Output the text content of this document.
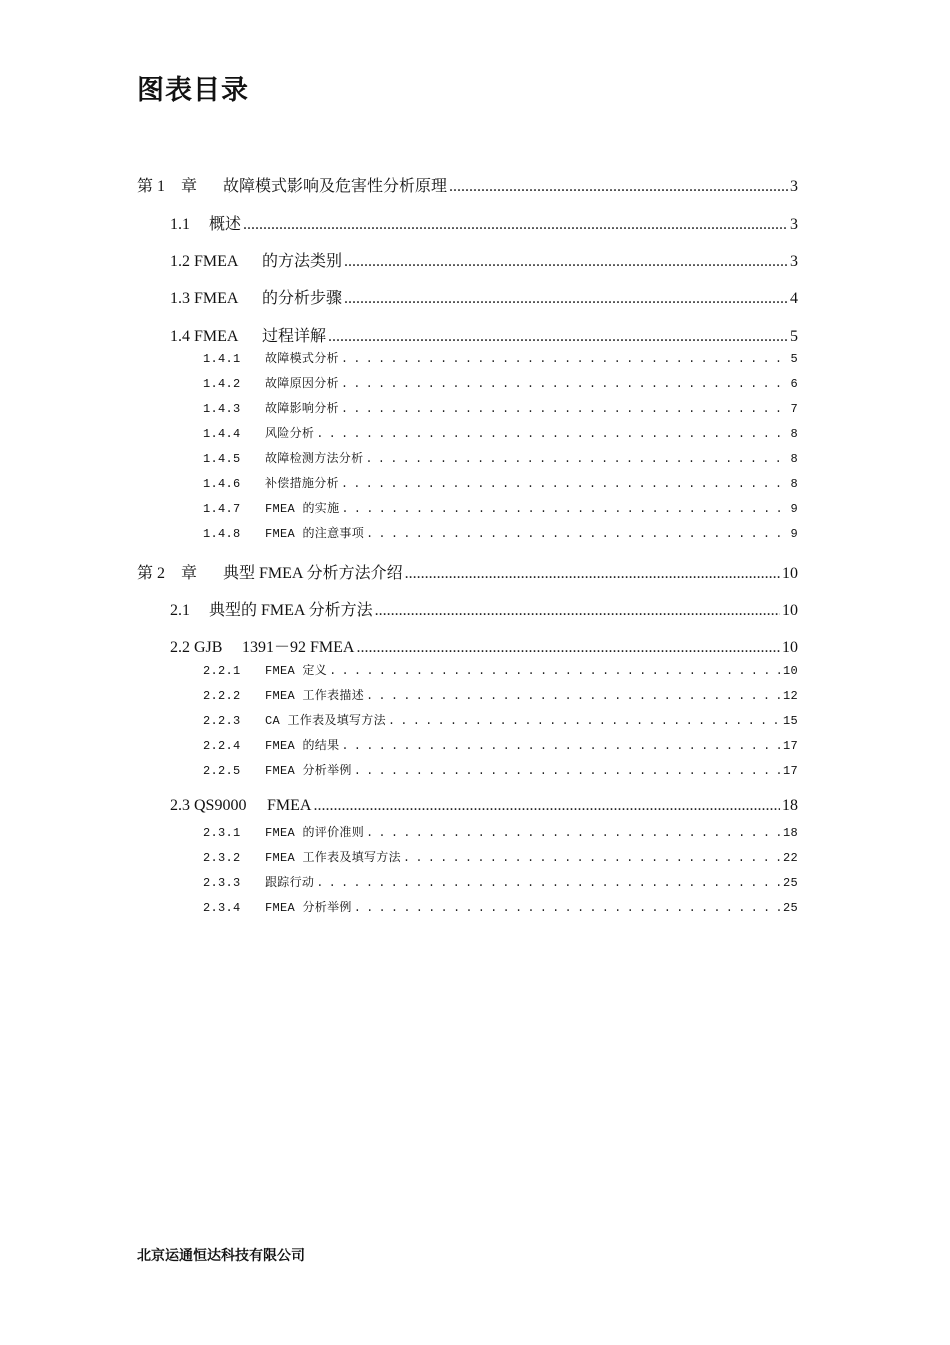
图表目录
第 1　章	故障模式影响及危害性分析原理 .....	3
1.1	概述 .....	3
1.2 FMEA	的方法类别 .....	3
1.3 FMEA	的分析步骤 .....	4
1.4 FMEA	过程详解 .....	5
1.4.1	故障模式分析 . . .	5
1.4.2	故障原因分析 . . .	6
1.4.3	故障影响分析 . . .	7
1.4.4	风险分析 . . .	8
1.4.5	故障检测方法分析 . . .	8
1.4.6	补偿措施分析 . . .	8
1.4.7	FMEA 的实施 . . .	9
1.4.8	FMEA 的注意事项 . . .	9
第 2　章	典型 FMEA 分析方法介绍 .....	10
2.1	典型的 FMEA 分析方法 .....	10
2.2 GJB	1391－92 FMEA .....	10
2.2.1	FMEA 定义 . . .	10
2.2.2	FMEA 工作表描述 . . .	12
2.2.3	CA 工作表及填写方法 . . .	15
2.2.4	FMEA 的结果 . . .	17
2.2.5	FMEA 分析举例 . . .	17
2.3 QS9000	FMEA .....	18
2.3.1	FMEA 的评价准则 . . .	18
2.3.2	FMEA 工作表及填写方法 . . .	22
2.3.3	跟踪行动 . . .	25
2.3.4	FMEA 分析举例 . . .	25
北京运通恒达科技有限公司
